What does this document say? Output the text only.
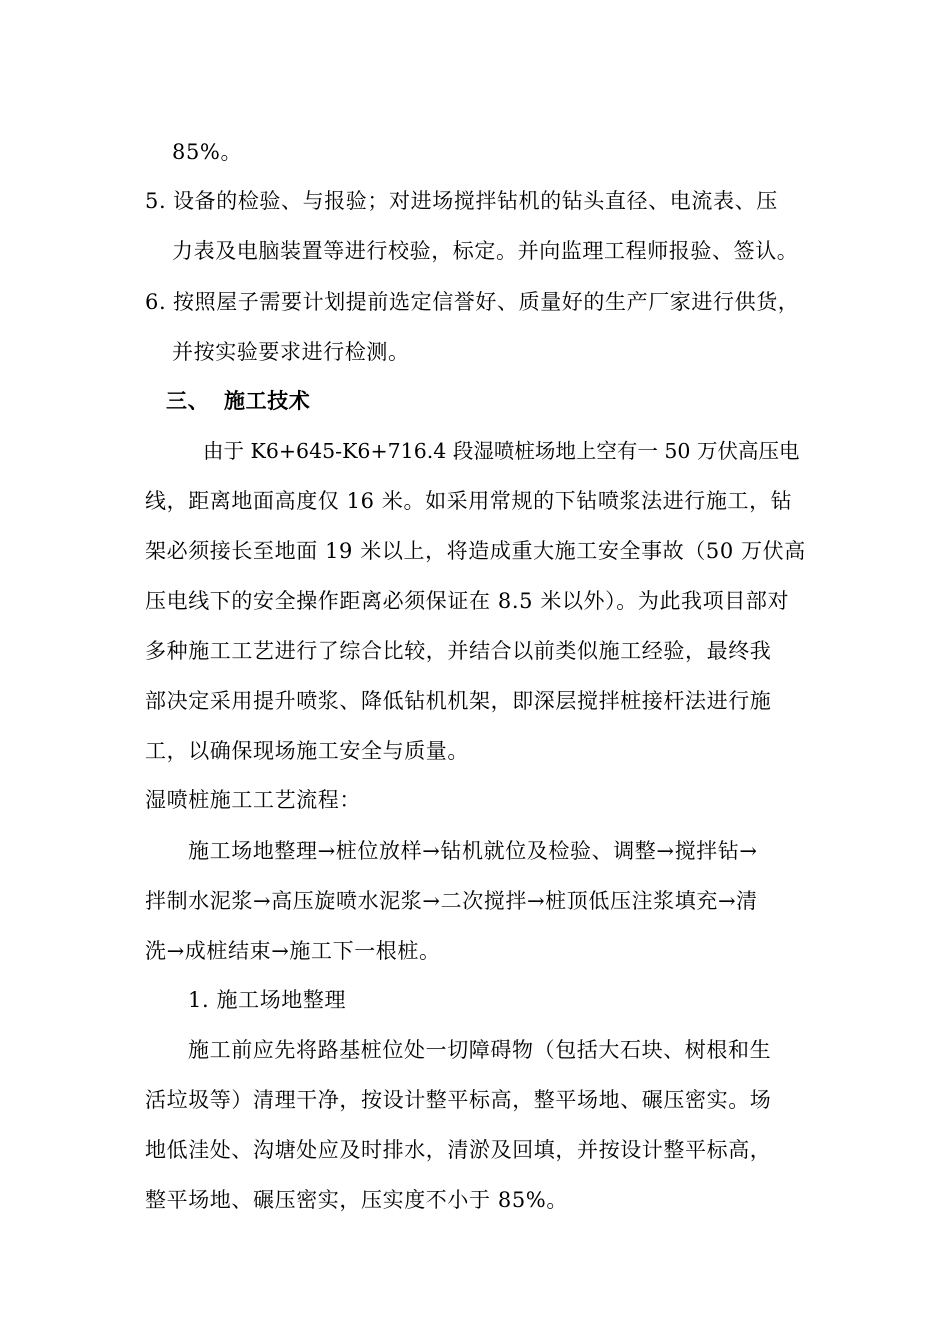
85%。
5. 设备的检验、与报验；对进场搅拌钻机的钻头直径、电流表、压
力表及电脑装置等进行校验，标定。并向监理工程师报验、签认。
6. 按照屋子需要计划提前选定信誉好、质量好的生产厂家进行供货，
并按实验要求进行检测。
三、 施工技术
由于 K6+645-K6+716.4 段湿喷桩场地上空有一 50 万伏高压电
线，距离地面高度仅 16 米。如采用常规的下钻喷浆法进行施工，钻
架必须接长至地面 19 米以上，将造成重大施工安全事故（50 万伏高
压电线下的安全操作距离必须保证在 8.5 米以外）。为此我项目部对
多种施工工艺进行了综合比较，并结合以前类似施工经验，最终我
部决定采用提升喷浆、降低钻机机架，即深层搅拌桩接杆法进行施
工，以确保现场施工安全与质量。
湿喷桩施工工艺流程：
施工场地整理→桩位放样→钻机就位及检验、调整→搅拌钻→
拌制水泥浆→高压旋喷水泥浆→二次搅拌→桩顶低压注浆填充→清
洗→成桩结束→施工下一根桩。
1. 施工场地整理
施工前应先将路基桩位处一切障碍物（包括大石块、树根和生
活垃圾等）清理干净，按设计整平标高，整平场地、碾压密实。场
地低洼处、沟塘处应及时排水，清淤及回填，并按设计整平标高，
整平场地、碾压密实，压实度不小于 85%。
